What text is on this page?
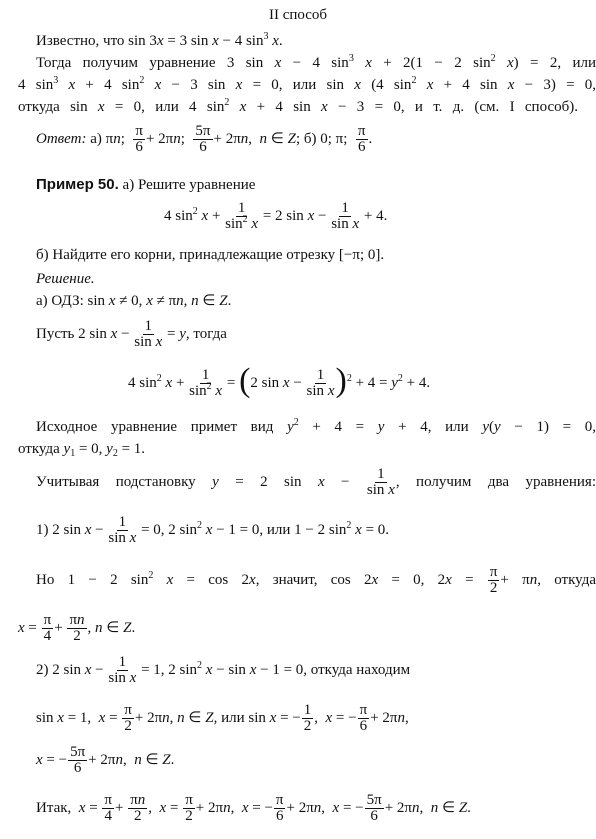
II способ
Известно, что sin 3x = 3 sin x − 4 $\sin^3 x$.
Тогда получим уравнение 3 sin x − 4 $\sin^3 x + 2(1 - 2$ $\sin^2 x) = 2$, или
4 $\sin^3 x + 4$ $\sin^2 x - 3$ sin x = 0, или sin x (4 $\sin^2 x + 4$ sin x − 3) = 0,
откуда sin x = 0, или 4 $\sin^2 x + 4$ sin x − 3 = 0, и т. д. (см. I способ).
Ответ: а) πn; $\frac{\pi}{6} + 2\pi n$; $\frac{5\pi}{6} + 2\pi n$,  n ∈ Z; б) 0; π; $\frac{\pi}{6}$ .
Пример 50. а) Решите уравнение
4 $\sin^2 x + \frac{1}{\sin^2 x} = 2$ $\sin x - \frac{1}{\text{sin x}} + 4$.
б) Найдите его корни, принадлежащие отрезку [−π; 0].
Решение.
а) ОДЗ: sin x ≠ 0, x ≠ πn, n ∈ Z.
Пусть 2 $\sin x - \frac{1}{\text{sin x}} = y$, тогда
4 $\sin^2 x + \frac{1}{\sin^2 x} = (2$ $\sin x - \frac{1}{\text{sin x}} )^2 + 4 = y^2 + 4$.
Исходное уравнение примет вид $y^2 + 4 = y + 4$, или y(y − 1) = 0,
откуда $y_1 = 0$, $y_2 = 1$.
Учитывая подстановку y = 2 $\sin x - \frac{1}{\text{sin x}}$ , получим два уравнения:
1) 2 $\sin x - \frac{1}{\text{sin x}} = 0$, 2 $\sin^2 x - 1 = 0$, или 1 − 2 $\sin^2 x = 0$.
Но 1 − 2 $\sin^2 x = \cos 2x$, значит, cos 2x = 0, $2x = \frac{\pi}{2} + \pi n$, откуда
$x = \frac{\pi}{4} + \frac{\pi n}{2}$ , n ∈ Z.
2) 2 $\sin x - \frac{1}{\text{sin x}} = 1$, 2 $\sin^2 x - \sin x - 1 = 0$, откуда находим
sin x = 1,  $x = \frac{\pi}{2} + 2\pi n$, n ∈ Z, или sin x = − $\frac{1}{2}$ ,  x = − $\frac{\pi}{6} + 2\pi n$,
x = − $\frac{5\pi}{6} + 2\pi n$,  n ∈ Z.
Итак,  $x = \frac{\pi}{4} + \frac{\pi n}{2}$ ,  $x = \frac{\pi}{2} + 2\pi n$,  x = − $\frac{\pi}{6} + 2\pi n$,  x = − $\frac{5\pi}{6} + 2\pi n$,  n ∈ Z.
